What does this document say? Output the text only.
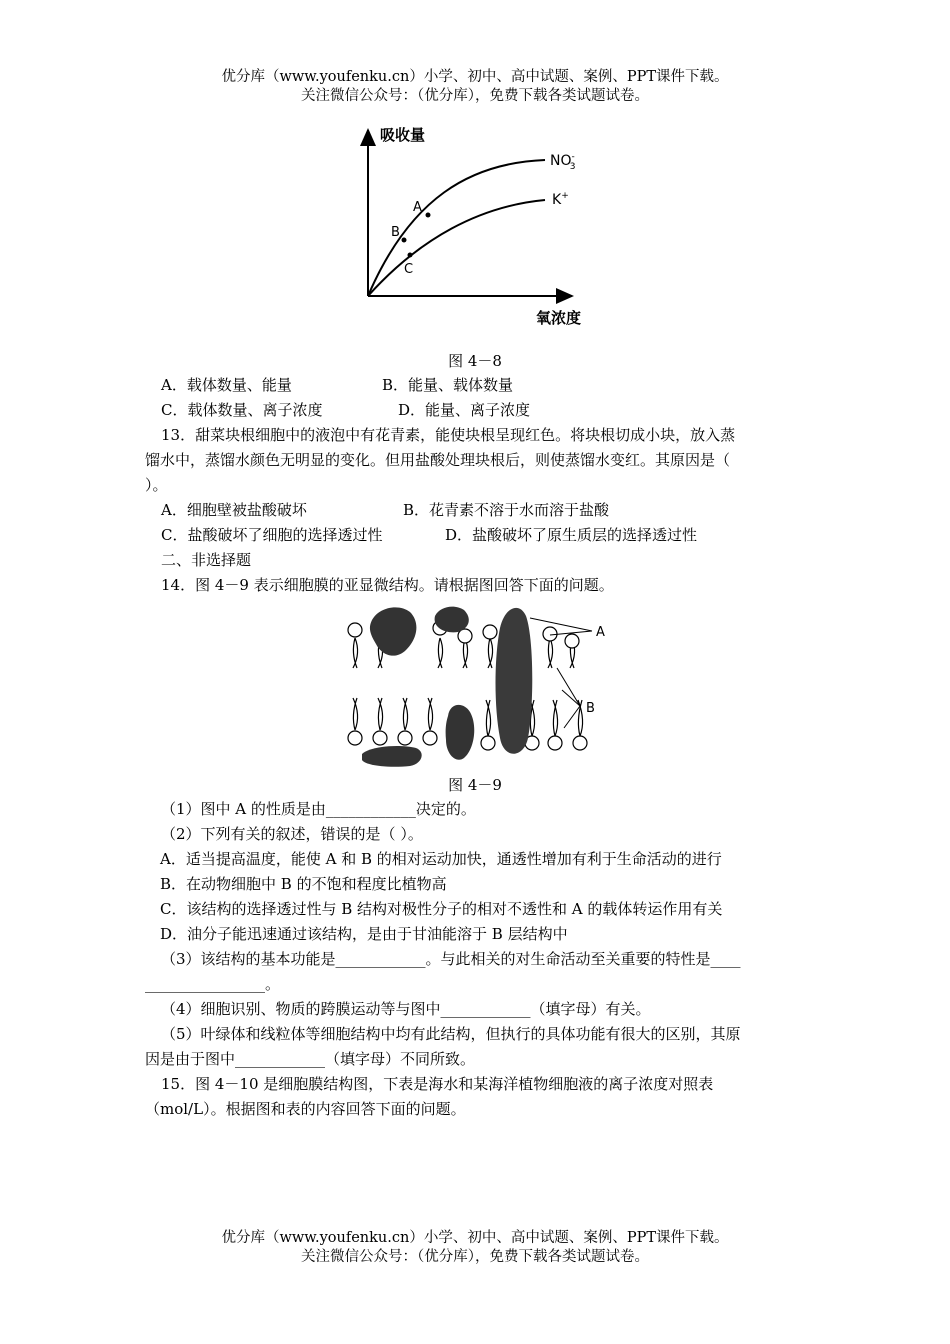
优分库（www.youfenku.cn）小学、初中、高中试题、案例、PPT课件下载。
关注微信公众号：（优分库），免费下载各类试题试卷。
吸收量
氧浓度
NO-3
K+
A
B
C
图 4－8
A．载体数量、能量	B．能量、载体数量
C．载体数量、离子浓度	D．能量、离子浓度
13．甜菜块根细胞中的液泡中有花青素，能使块根呈现红色。将块根切成小块，放入蒸
馏水中，蒸馏水颜色无明显的变化。但用盐酸处理块根后，则使蒸馏水变红。其原因是（
）。
A．细胞壁被盐酸破坏	B．花青素不溶于水而溶于盐酸
C．盐酸破坏了细胞的选择透过性	D．盐酸破坏了原生质层的选择透过性
二、非选择题
14．图 4－9 表示细胞膜的亚显微结构。请根据图回答下面的问题。
A
B
图 4－9
（1）图中 A 的性质是由____________决定的。
（2）下列有关的叙述，错误的是（ ）。
A．适当提高温度，能使 A 和 B 的相对运动加快，通透性增加有利于生命活动的进行
B．在动物细胞中 B 的不饱和程度比植物高
C．该结构的选择透过性与 B 结构对极性分子的相对不透性和 A 的载体转运作用有关
D．油分子能迅速通过该结构，是由于甘油能溶于 B 层结构中
（3）该结构的基本功能是____________。与此相关的对生命活动至关重要的特性是____
________________。
（4）细胞识别、物质的跨膜运动等与图中____________（填字母）有关。
（5）叶绿体和线粒体等细胞结构中均有此结构，但执行的具体功能有很大的区别，其原
因是由于图中____________（填字母）不同所致。
15．图 4－10 是细胞膜结构图，下表是海水和某海洋植物细胞液的离子浓度对照表
（mol/L）。根据图和表的内容回答下面的问题。
优分库（www.youfenku.cn）小学、初中、高中试题、案例、PPT课件下载。
关注微信公众号：（优分库），免费下载各类试题试卷。
